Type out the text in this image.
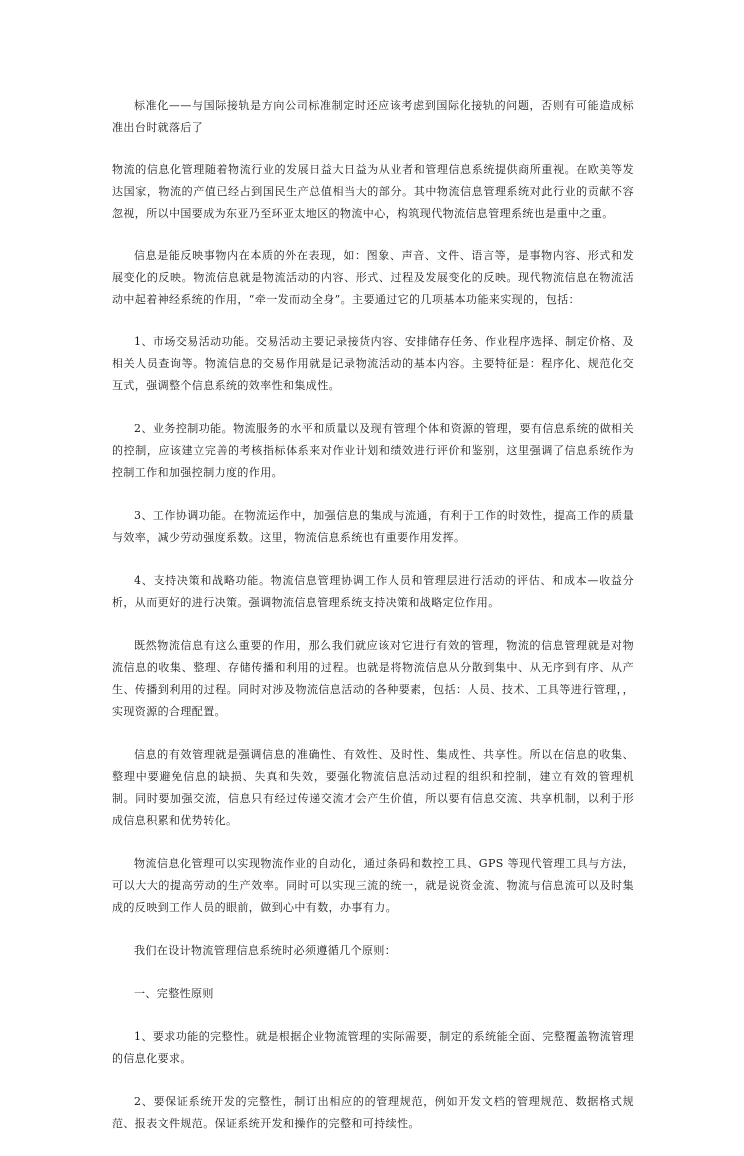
标准化——与国际接轨是方向公司标准制定时还应该考虑到国际化接轨的问题，否则有可能造成标准出台时就落后了

物流的信息化管理随着物流行业的发展日益大日益为从业者和管理信息系统提供商所重视。在欧美等发达国家，物流的产值已经占到国民生产总值相当大的部分。其中物流信息管理系统对此行业的贡献不容忽视，所以中国要成为东亚乃至环亚太地区的物流中心，构筑现代物流信息管理系统也是重中之重。

信息是能反映事物内在本质的外在表现，如：图象、声音、文件、语言等，是事物内容、形式和发展变化的反映。物流信息就是物流活动的内容、形式、过程及发展变化的反映。现代物流信息在物流活动中起着神经系统的作用，“牵一发而动全身”。主要通过它的几项基本功能来实现的，包括：

1、市场交易活动功能。交易活动主要记录接货内容、安排储存任务、作业程序选择、制定价格、及相关人员查询等。物流信息的交易作用就是记录物流活动的基本内容。主要特征是：程序化、规范化交互式，强调整个信息系统的效率性和集成性。

2、业务控制功能。物流服务的水平和质量以及现有管理个体和资源的管理，要有信息系统的做相关的控制，应该建立完善的考核指标体系来对作业计划和绩效进行评价和鉴别，这里强调了信息系统作为控制工作和加强控制力度的作用。

3、工作协调功能。在物流运作中，加强信息的集成与流通，有利于工作的时效性，提高工作的质量与效率，减少劳动强度系数。这里，物流信息系统也有重要作用发挥。

4、支持决策和战略功能。物流信息管理协调工作人员和管理层进行活动的评估、和成本—收益分析，从而更好的进行决策。强调物流信息管理系统支持决策和战略定位作用。

既然物流信息有这么重要的作用，那么我们就应该对它进行有效的管理，物流的信息管理就是对物流信息的收集、整理、存储传播和利用的过程。也就是将物流信息从分散到集中、从无序到有序、从产生、传播到利用的过程。同时对涉及物流信息活动的各种要素，包括：人员、技术、工具等进行管理，，实现资源的合理配置。

信息的有效管理就是强调信息的准确性、有效性、及时性、集成性、共享性。所以在信息的收集、整理中要避免信息的缺损、失真和失效，要强化物流信息活动过程的组织和控制，建立有效的管理机制。同时要加强交流，信息只有经过传递交流才会产生价值，所以要有信息交流、共享机制，以利于形成信息积累和优势转化。

物流信息化管理可以实现物流作业的自动化，通过条码和数控工具、GPS 等现代管理工具与方法，可以大大的提高劳动的生产效率。同时可以实现三流的统一，就是说资金流、物流与信息流可以及时集成的反映到工作人员的眼前，做到心中有数，办事有力。

我们在设计物流管理信息系统时必须遵循几个原则：

一、完整性原则

1、要求功能的完整性。就是根据企业物流管理的实际需要，制定的系统能全面、完整覆盖物流管理的信息化要求。

2、要保证系统开发的完整性，制订出相应的的管理规范，例如开发文档的管理规范、数据格式规范、报表文件规范。保证系统开发和操作的完整和可持续性。
